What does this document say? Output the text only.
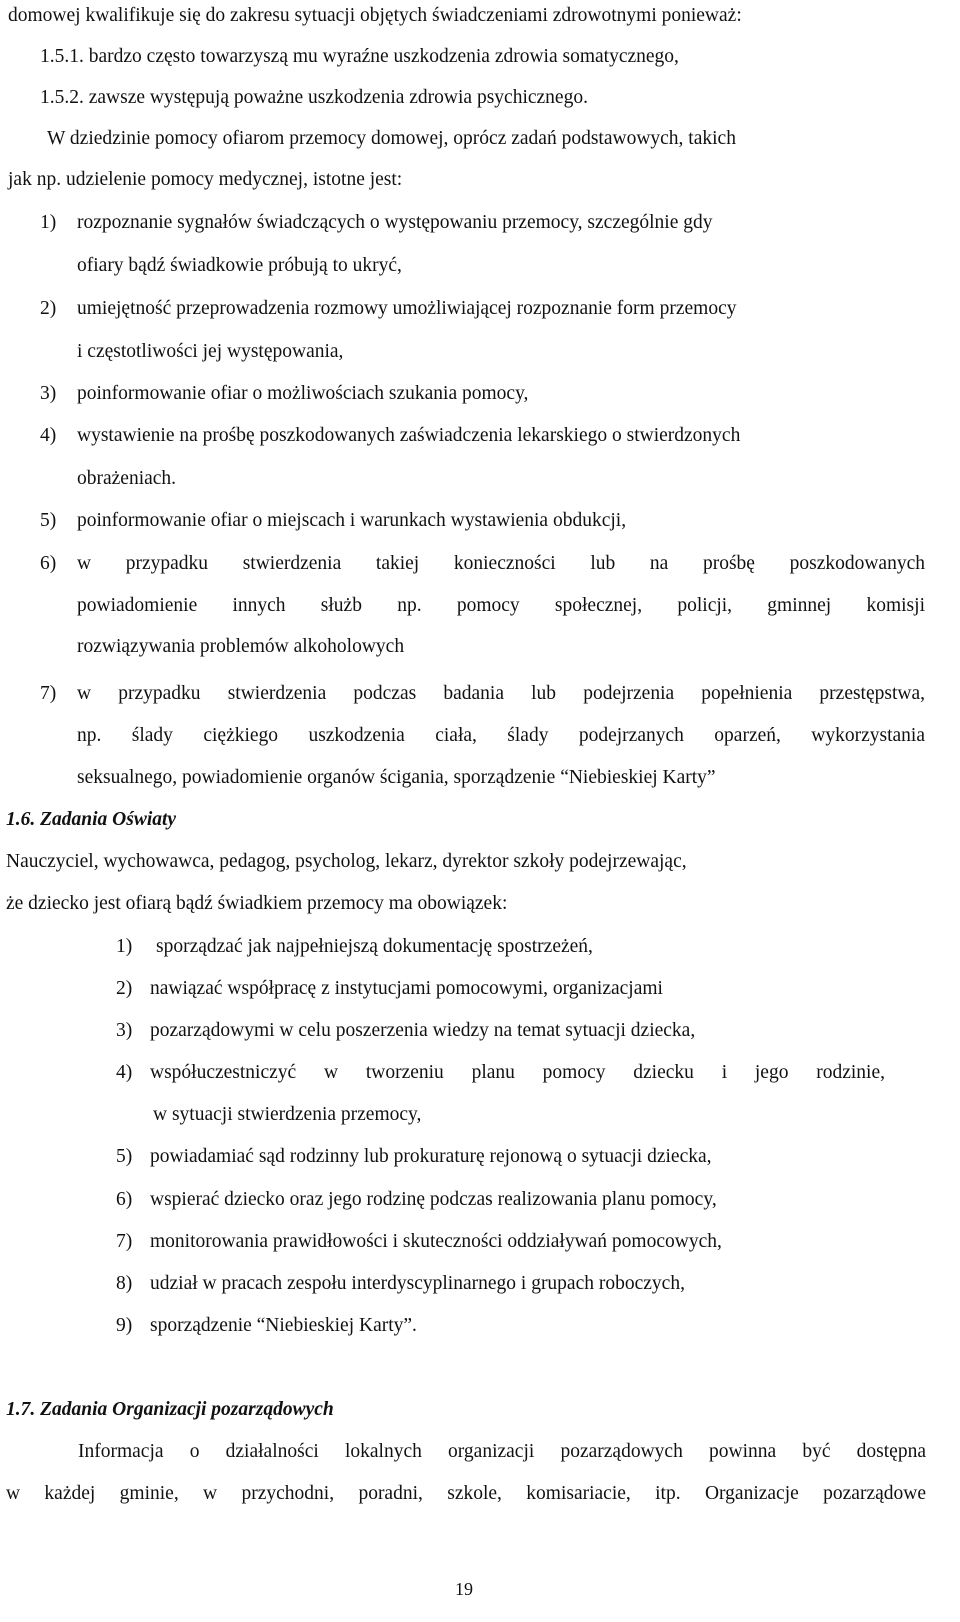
domowej kwalifikuje się do zakresu sytuacji objętych świadczeniami zdrowotnymi ponieważ:
1.5.1. bardzo często towarzyszą mu wyraźne uszkodzenia zdrowia somatycznego,
1.5.2. zawsze występują poważne uszkodzenia zdrowia psychicznego.
W dziedzinie pomocy ofiarom przemocy domowej, oprócz zadań podstawowych, takich
jak np. udzielenie pomocy medycznej, istotne jest:
1) rozpoznanie sygnałów świadczących o występowaniu przemocy, szczególnie gdy
ofiary bądź świadkowie próbują to ukryć,
2) umiejętność przeprowadzenia rozmowy umożliwiającej rozpoznanie form przemocy
i częstotliwości jej występowania,
3) poinformowanie ofiar o możliwościach szukania pomocy,
4) wystawienie na prośbę poszkodowanych zaświadczenia lekarskiego o stwierdzonych
obrażeniach.
5) poinformowanie ofiar o miejscach i warunkach wystawienia obdukcji,
6) w przypadku stwierdzenia takiej konieczności lub na prośbę poszkodowanych
powiadomienie innych służb np. pomocy społecznej, policji, gminnej komisji
rozwiązywania problemów alkoholowych
7) w przypadku stwierdzenia podczas badania lub podejrzenia popełnienia przestępstwa,
np. ślady ciężkiego uszkodzenia ciała, ślady podejrzanych oparzeń, wykorzystania
seksualnego, powiadomienie organów ścigania, sporządzenie “Niebieskiej Karty”
1.6. Zadania Oświaty
Nauczyciel, wychowawca, pedagog, psycholog, lekarz, dyrektor szkoły podejrzewając,
że dziecko jest ofiarą bądź świadkiem przemocy ma obowiązek:
1) sporządzać jak najpełniejszą dokumentację spostrzeżeń,
2) nawiązać współpracę z instytucjami pomocowymi, organizacjami
3) pozarządowymi w celu poszerzenia wiedzy na temat sytuacji dziecka,
4) współuczestniczyć w tworzeniu planu pomocy dziecku i jego rodzinie,
w sytuacji stwierdzenia przemocy,
5) powiadamiać sąd rodzinny lub prokuraturę rejonową o sytuacji dziecka,
6) wspierać dziecko oraz jego rodzinę podczas realizowania planu pomocy,
7) monitorowania prawidłowości i skuteczności oddziaływań pomocowych,
8) udział w pracach zespołu interdyscyplinarnego i grupach roboczych,
9) sporządzenie “Niebieskiej Karty”.
1.7. Zadania Organizacji pozarządowych
Informacja o działalności lokalnych organizacji pozarządowych powinna być dostępna
w każdej gminie, w przychodni, poradni, szkole, komisariacie, itp. Organizacje pozarządowe
19
